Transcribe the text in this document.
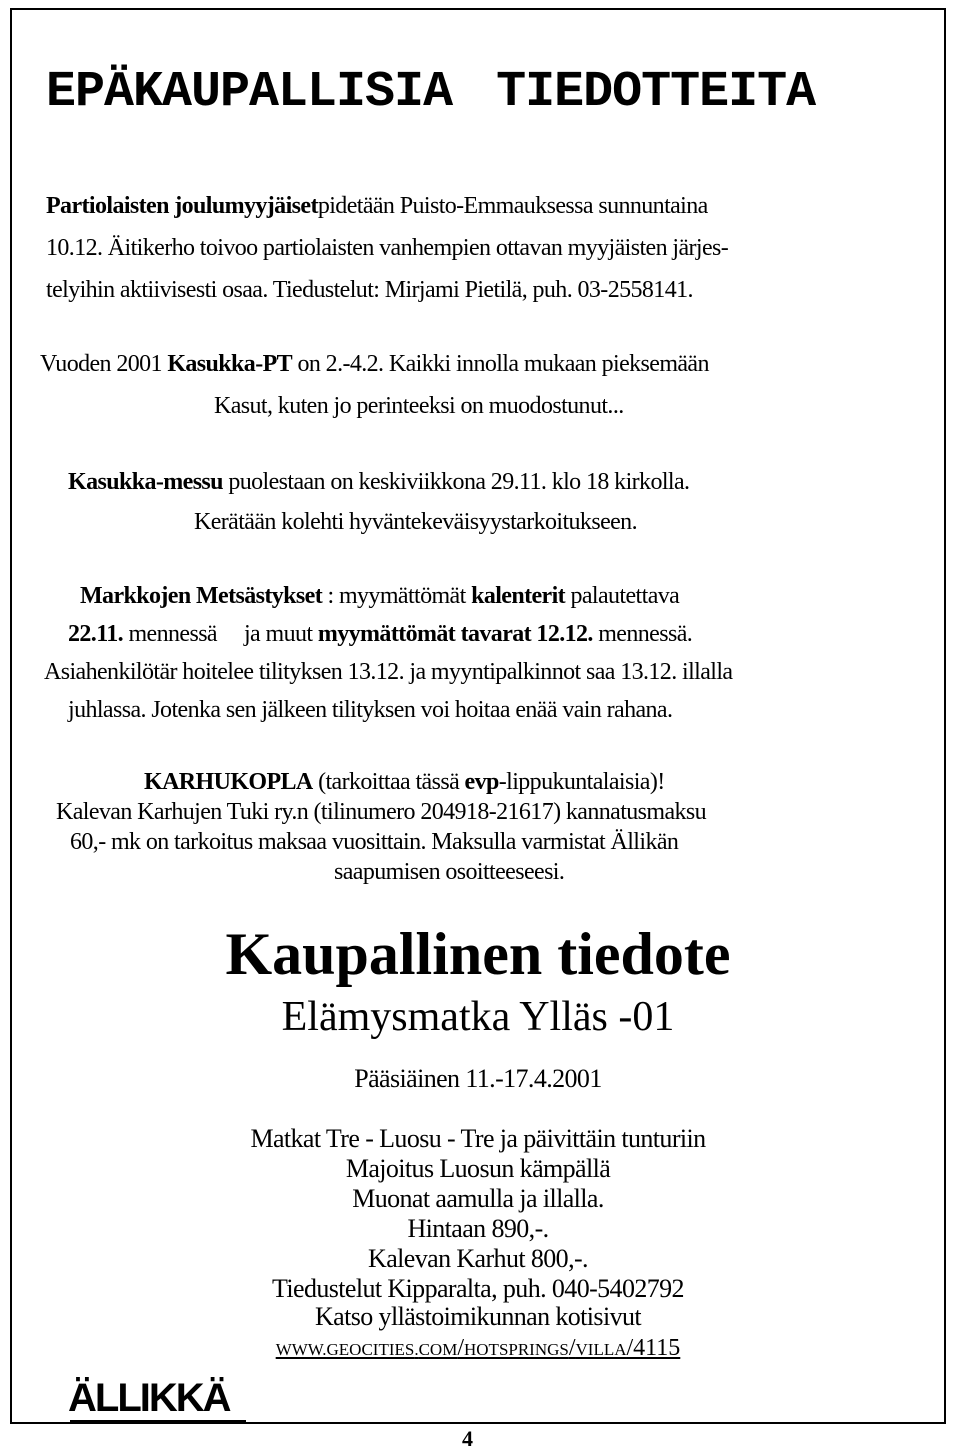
EPÄKAUPALLISIA TIEDOTTEITA
Partiolaisten joulumyyjäisetpidetään Puisto-Emmauksessa sunnuntaina
10.12. Äitikerho toivoo partiolaisten vanhempien ottavan myyjäisten järjes-
telyihin aktiivisesti osaa. Tiedustelut: Mirjami Pietilä, puh. 03-2558141.
Vuoden 2001 Kasukka-PT on 2.-4.2. Kaikki innolla mukaan pieksemään
Kasut, kuten jo perinteeksi on muodostunut...
Kasukka-messu puolestaan on keskiviikkona 29.11. klo 18 kirkolla.
Kerätään kolehti hyväntekeväisyystarkoitukseen.
Markkojen Metsästykset : myymättömät kalenterit palautettava
22.11. mennessä     ja muut myymättömät tavarat 12.12. mennessä.
Asiahenkilötär hoitelee tilityksen 13.12. ja myyntipalkinnot saa 13.12. illalla
juhlassa. Jotenka sen jälkeen tilityksen voi hoitaa enää vain rahana.
KARHUKOPLA (tarkoittaa tässä evp-lippukuntalaisia)!
Kalevan Karhujen Tuki ry.n (tilinumero 204918-21617) kannatusmaksu
60,- mk on tarkoitus maksaa vuosittain. Maksulla varmistat Ällikän
saapumisen osoitteeseesi.
Kaupallinen tiedote
Elämysmatka Ylläs -01
Pääsiäinen 11.-17.4.2001
Matkat Tre - Luosu - Tre ja päivittäin tunturiin
Majoitus Luosun kämpällä
Muonat aamulla ja illalla.
Hintaan 890,-.
Kalevan Karhut 800,-.
Tiedustelut Kipparalta, puh. 040-5402792
Katso yllästoimikunnan kotisivut
WWW.GEOCITIES.COM/HOTSPRINGS/VILLA/4115
ÄLLIKKÄ
4
